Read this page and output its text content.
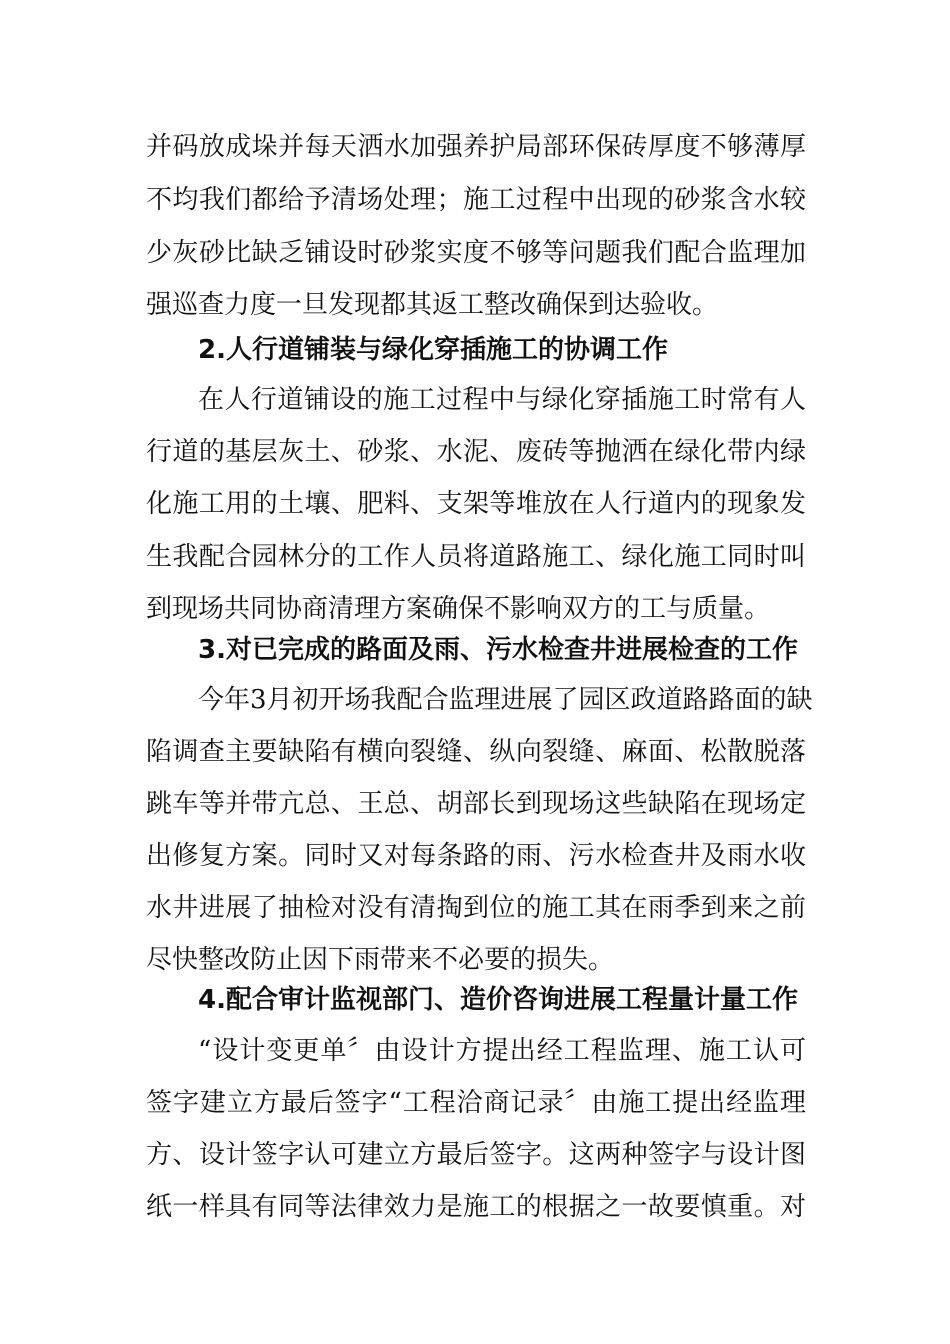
并码放成垛并每天洒水加强养护局部环保砖厚度不够薄厚
不均我们都给予清场处理；施工过程中出现的砂浆含水较
少灰砂比缺乏铺设时砂浆实度不够等问题我们配合监理加
强巡查力度一旦发现都其返工整改确保到达验收。
2.人行道铺装与绿化穿插施工的协调工作
在人行道铺设的施工过程中与绿化穿插施工时常有人
行道的基层灰土、砂浆、水泥、废砖等抛洒在绿化带内绿
化施工用的土壤、肥料、支架等堆放在人行道内的现象发
生我配合园林分的工作人员将道路施工、绿化施工同时叫
到现场共同协商清理方案确保不影响双方的工与质量。
3.对已完成的路面及雨、污水检查井进展检查的工作
今年3月初开场我配合监理进展了园区政道路路面的缺
陷调查主要缺陷有横向裂缝、纵向裂缝、麻面、松散脱落
跳车等并带亢总、王总、胡部长到现场这些缺陷在现场定
出修复方案。同时又对每条路的雨、污水检查井及雨水收
水井进展了抽检对没有清掏到位的施工其在雨季到来之前
尽快整改防止因下雨带来不必要的损失。
4.配合审计监视部门、造价咨询进展工程量计量工作
“设计变更单〞由设计方提出经工程监理、施工认可
签字建立方最后签字“工程洽商记录〞由施工提出经监理
方、设计签字认可建立方最后签字。这两种签字与设计图
纸一样具有同等法律效力是施工的根据之一故要慎重。对
